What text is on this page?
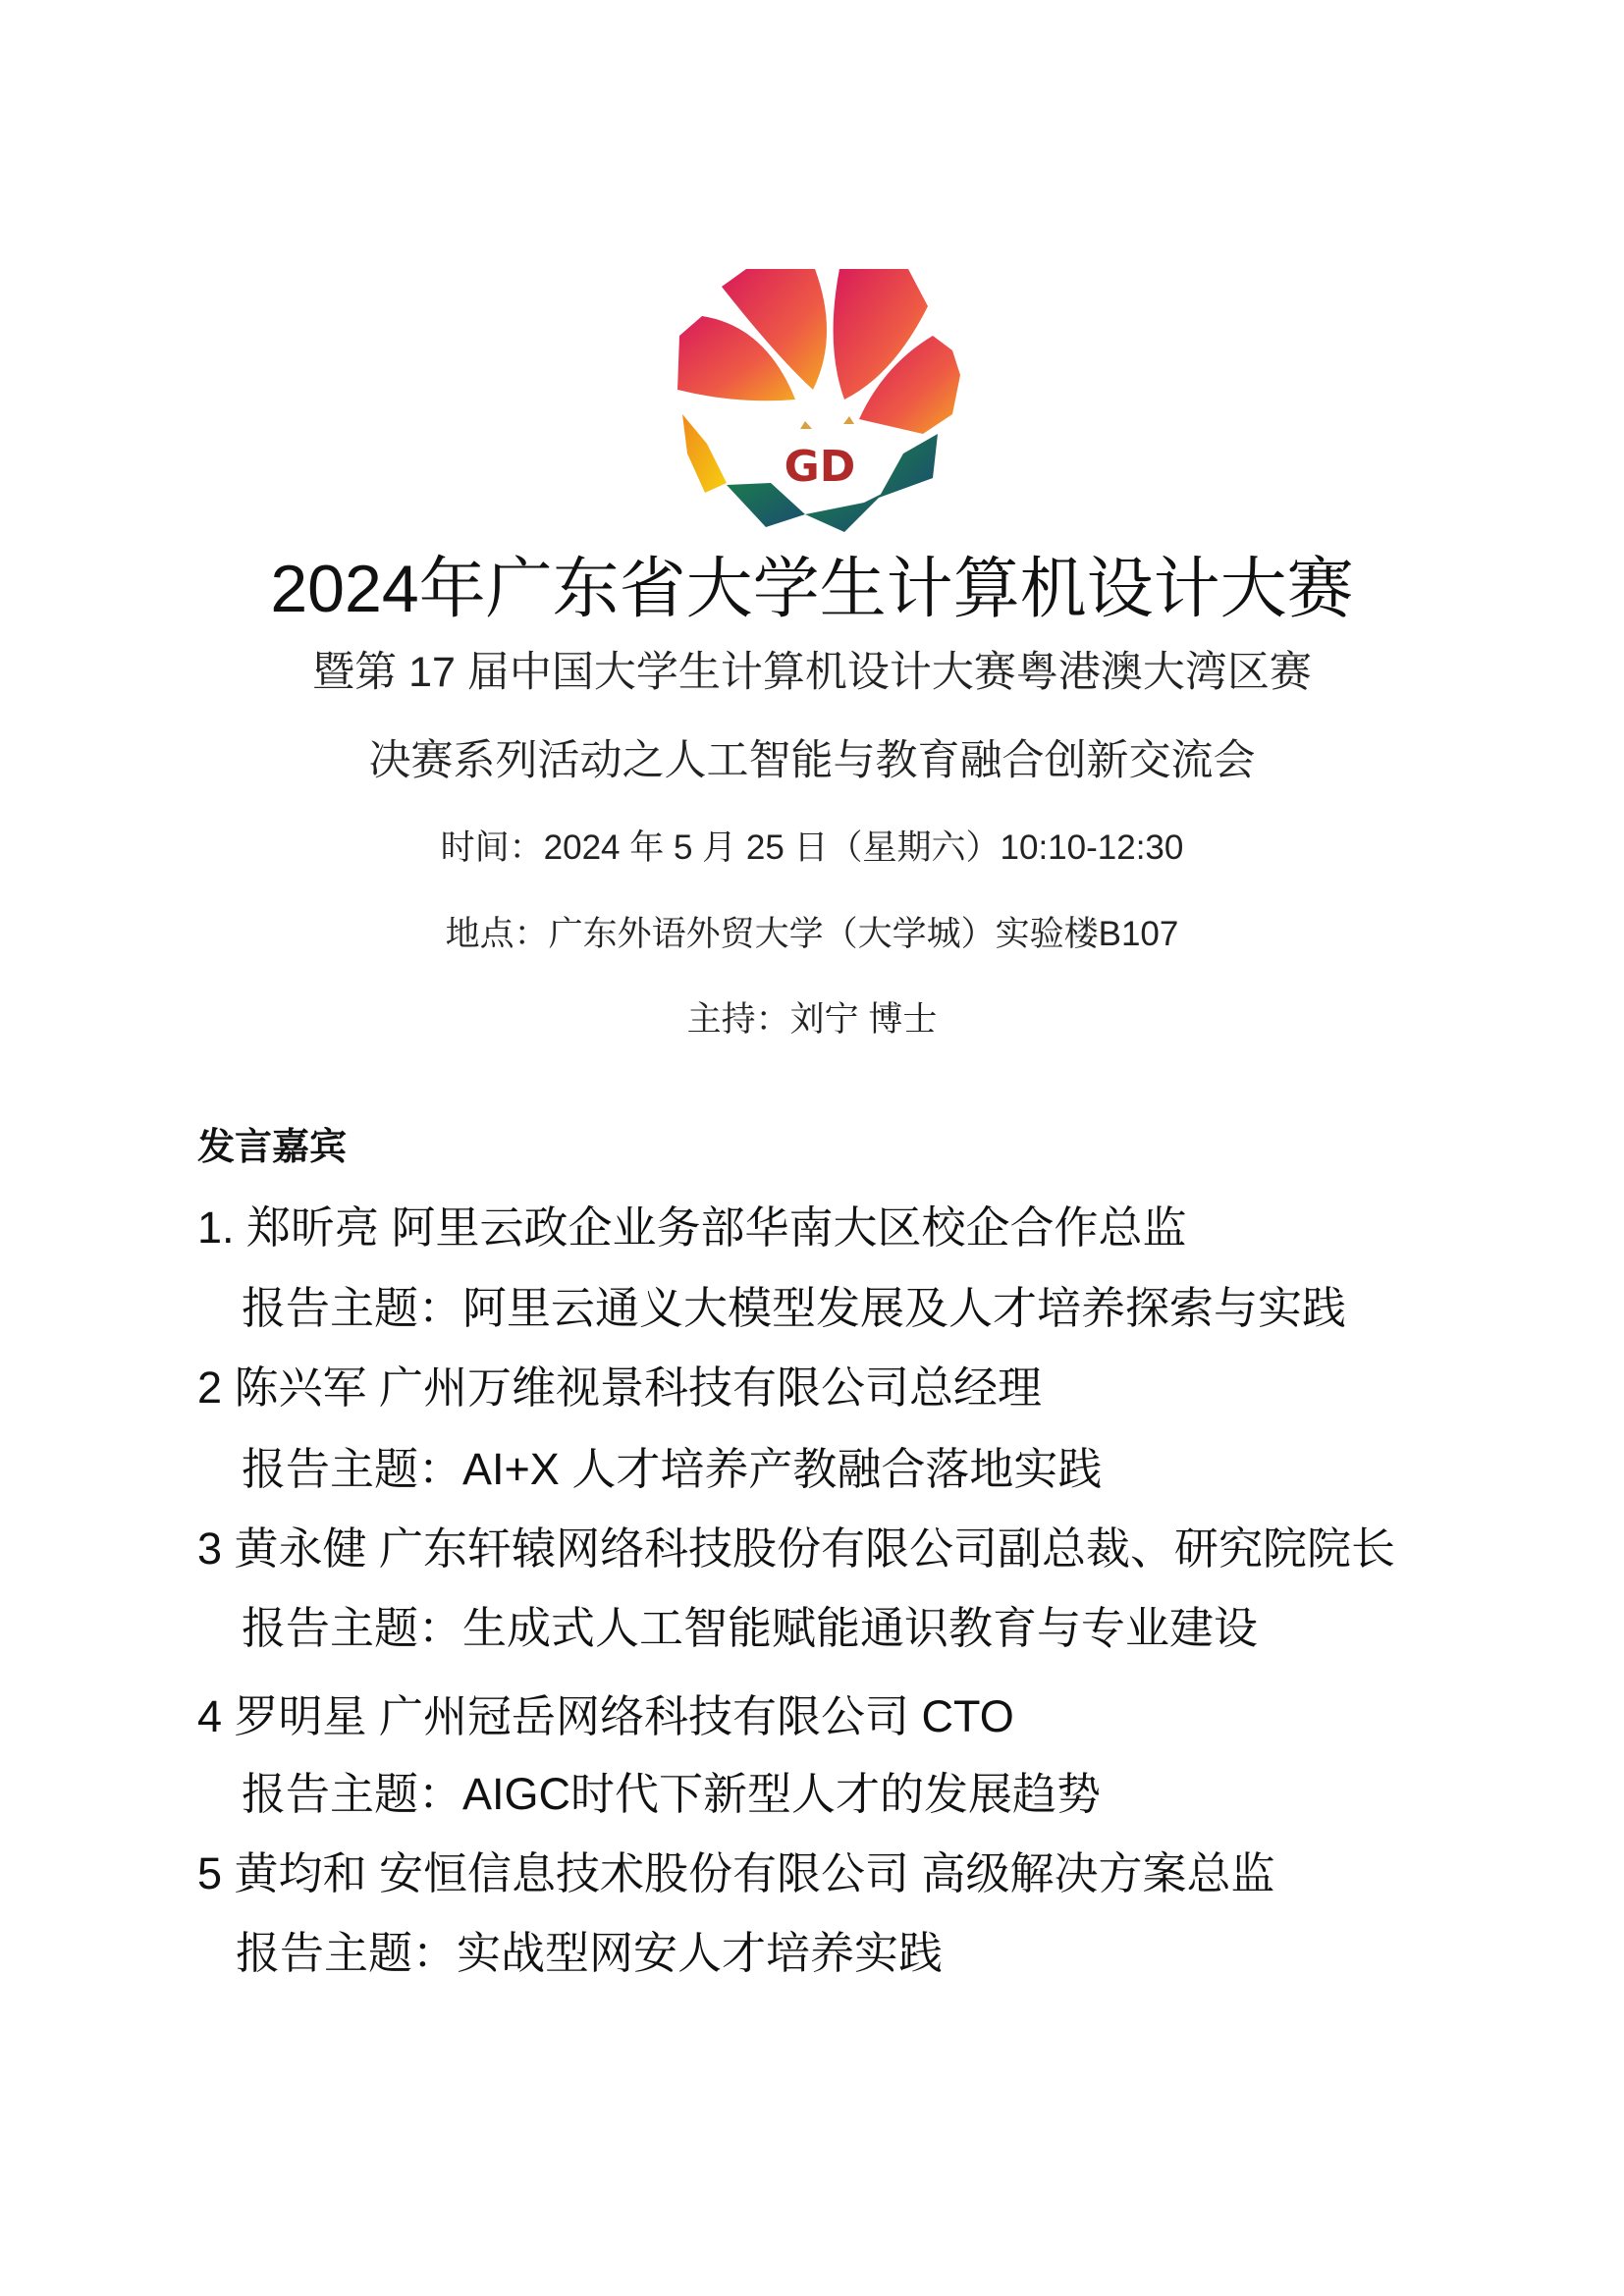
GD
2024年广东省大学生计算机设计大赛
暨第 17 届中国大学生计算机设计大赛粤港澳大湾区赛
决赛系列活动之人工智能与教育融合创新交流会
时间：2024 年 5 月 25 日（星期六）10:10-12:30
地点：广东外语外贸大学（大学城）实验楼B107
主持：刘宁 博士
发言嘉宾
1. 郑昕亮 阿里云政企业务部华南大区校企合作总监
报告主题：阿里云通义大模型发展及人才培养探索与实践
2 陈兴军 广州万维视景科技有限公司总经理
报告主题：AI+X 人才培养产教融合落地实践
3 黄永健 广东轩辕网络科技股份有限公司副总裁、研究院院长
报告主题：生成式人工智能赋能通识教育与专业建设
4 罗明星 广州冠岳网络科技有限公司 CTO
报告主题：AIGC时代下新型人才的发展趋势
5 黄均和 安恒信息技术股份有限公司 高级解决方案总监
报告主题：实战型网安人才培养实践
